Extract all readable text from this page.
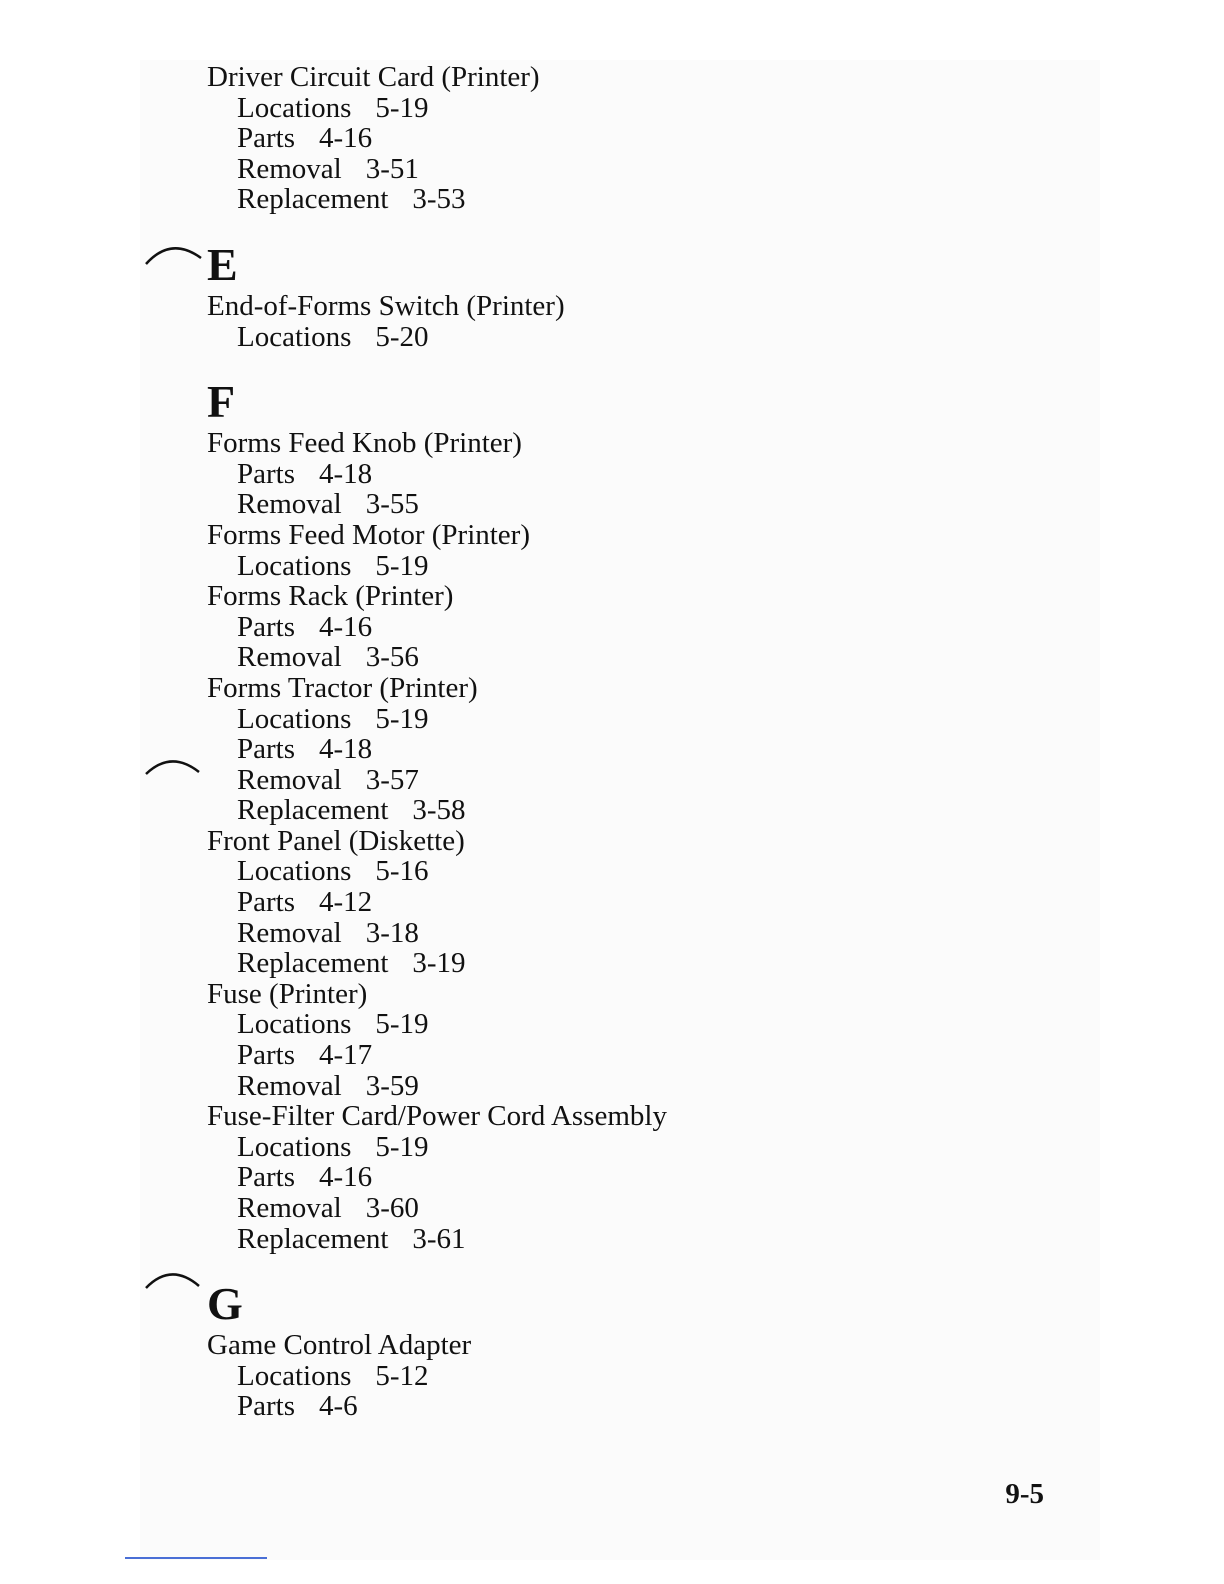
Driver Circuit Card (Printer)
Locations 5-19
Parts 4-16
Removal 3-51
Replacement 3-53
E
End-of-Forms Switch (Printer)
Locations 5-20
F
Forms Feed Knob (Printer)
Parts 4-18
Removal 3-55
Forms Feed Motor (Printer)
Locations 5-19
Forms Rack (Printer)
Parts 4-16
Removal 3-56
Forms Tractor (Printer)
Locations 5-19
Parts 4-18
Removal 3-57
Replacement 3-58
Front Panel (Diskette)
Locations 5-16
Parts 4-12
Removal 3-18
Replacement 3-19
Fuse (Printer)
Locations 5-19
Parts 4-17
Removal 3-59
Fuse-Filter Card/Power Cord Assembly
Locations 5-19
Parts 4-16
Removal 3-60
Replacement 3-61
G
Game Control Adapter
Locations 5-12
Parts 4-6
9-5
